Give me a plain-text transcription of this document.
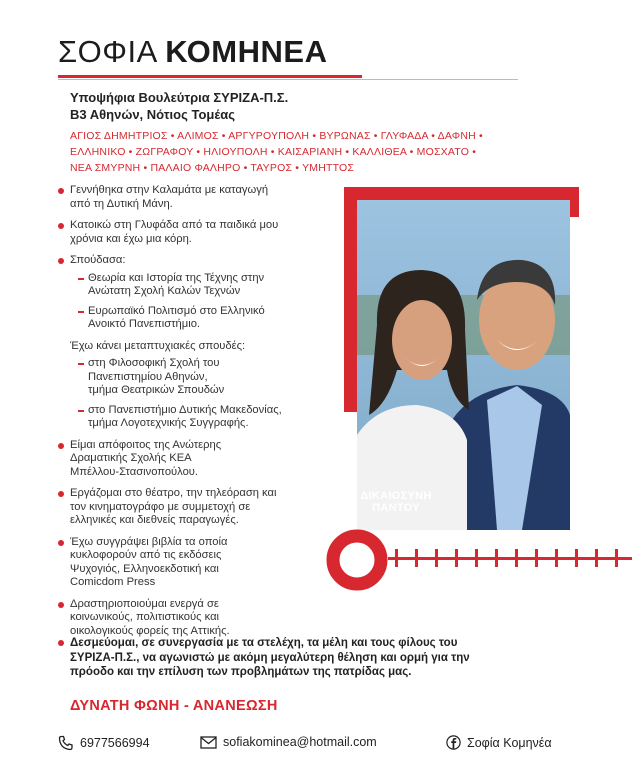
ΣΟΦΙΑ ΚΟΜΗΝΕΑ
Υποψήφια Βουλεύτρια ΣΥΡΙΖΑ-Π.Σ.
Β3 Αθηνών, Νότιος Τομέας
ΑΓΙΟΣ ΔΗΜΗΤΡΙΟΣ • ΑΛΙΜΟΣ • ΑΡΓΥΡΟΥΠΟΛΗ • ΒΥΡΩΝΑΣ • ΓΛΥΦΑΔΑ • ΔΑΦΝΗ •
ΕΛΛΗΝΙΚΟ • ΖΩΓΡΑΦΟΥ • ΗΛΙΟΥΠΟΛΗ • ΚΑΙΣΑΡΙΑΝΗ • ΚΑΛΛΙΘΕΑ • ΜΟΣΧΑΤΟ •
ΝΕΑ ΣΜΥΡΝΗ • ΠΑΛΑΙΟ ΦΑΛΗΡΟ • ΤΑΥΡΟΣ • ΥΜΗΤΤΟΣ
Γεννήθηκα στην Καλαμάτα με καταγωγή
από τη Δυτική Μάνη.
Κατοικώ στη Γλυφάδα από τα παιδικά μου
χρόνια και έχω μια κόρη.
Σπούδασα:
Θεωρία και Ιστορία της Τέχνης στην
Ανώτατη Σχολή Καλών Τεχνών
Ευρωπαϊκό Πολιτισμό στο Ελληνικό
Ανοικτό Πανεπιστήμιο.
Έχω κάνει μεταπτυχιακές σπουδές:
στη Φιλοσοφική Σχολή του
Πανεπιστημίου Αθηνών,
τμήμα Θεατρικών Σπουδών
στο Πανεπιστήμιο Δυτικής Μακεδονίας,
τμήμα Λογοτεχνικής Συγγραφής.
Είμαι απόφοιτος της Ανώτερης
Δραματικής Σχολής ΚΕΑ
Μπέλλου-Στασινοπούλου.
Εργάζομαι στο θέατρο, την τηλεόραση και
τον κινηματογράφο με συμμετοχή σε
ελληνικές και διεθνείς παραγωγές.
Έχω συγγράψει βιβλία τα οποία
κυκλοφορούν από τις εκδόσεις
Ψυχογιός, Ελληνοεκδοτική και
Comicdom Press
Δραστηριοποιούμαι ενεργά σε
κοινωνικούς, πολιτιστικούς και
οικολογικούς φορείς της Αττικής.
Δεσμεύομαι, σε συνεργασία με τα στελέχη, τα μέλη και τους φίλους του
ΣΥΡΙΖΑ-Π.Σ., να αγωνιστώ με ακόμη μεγαλύτερη θέληση και ορμή για την
πρόοδο και την επίλυση των προβλημάτων της πατρίδας μας.
ΔΥΝΑΤΗ ΦΩΝΗ - ΑΝΑΝΕΩΣΗ
ΔΙΚΑΙΟΣΥΝΗ
ΠΑΝΤΟΥ
6977566994	sofiakominea@hotmail.com	Σοφία Κομηνέα
